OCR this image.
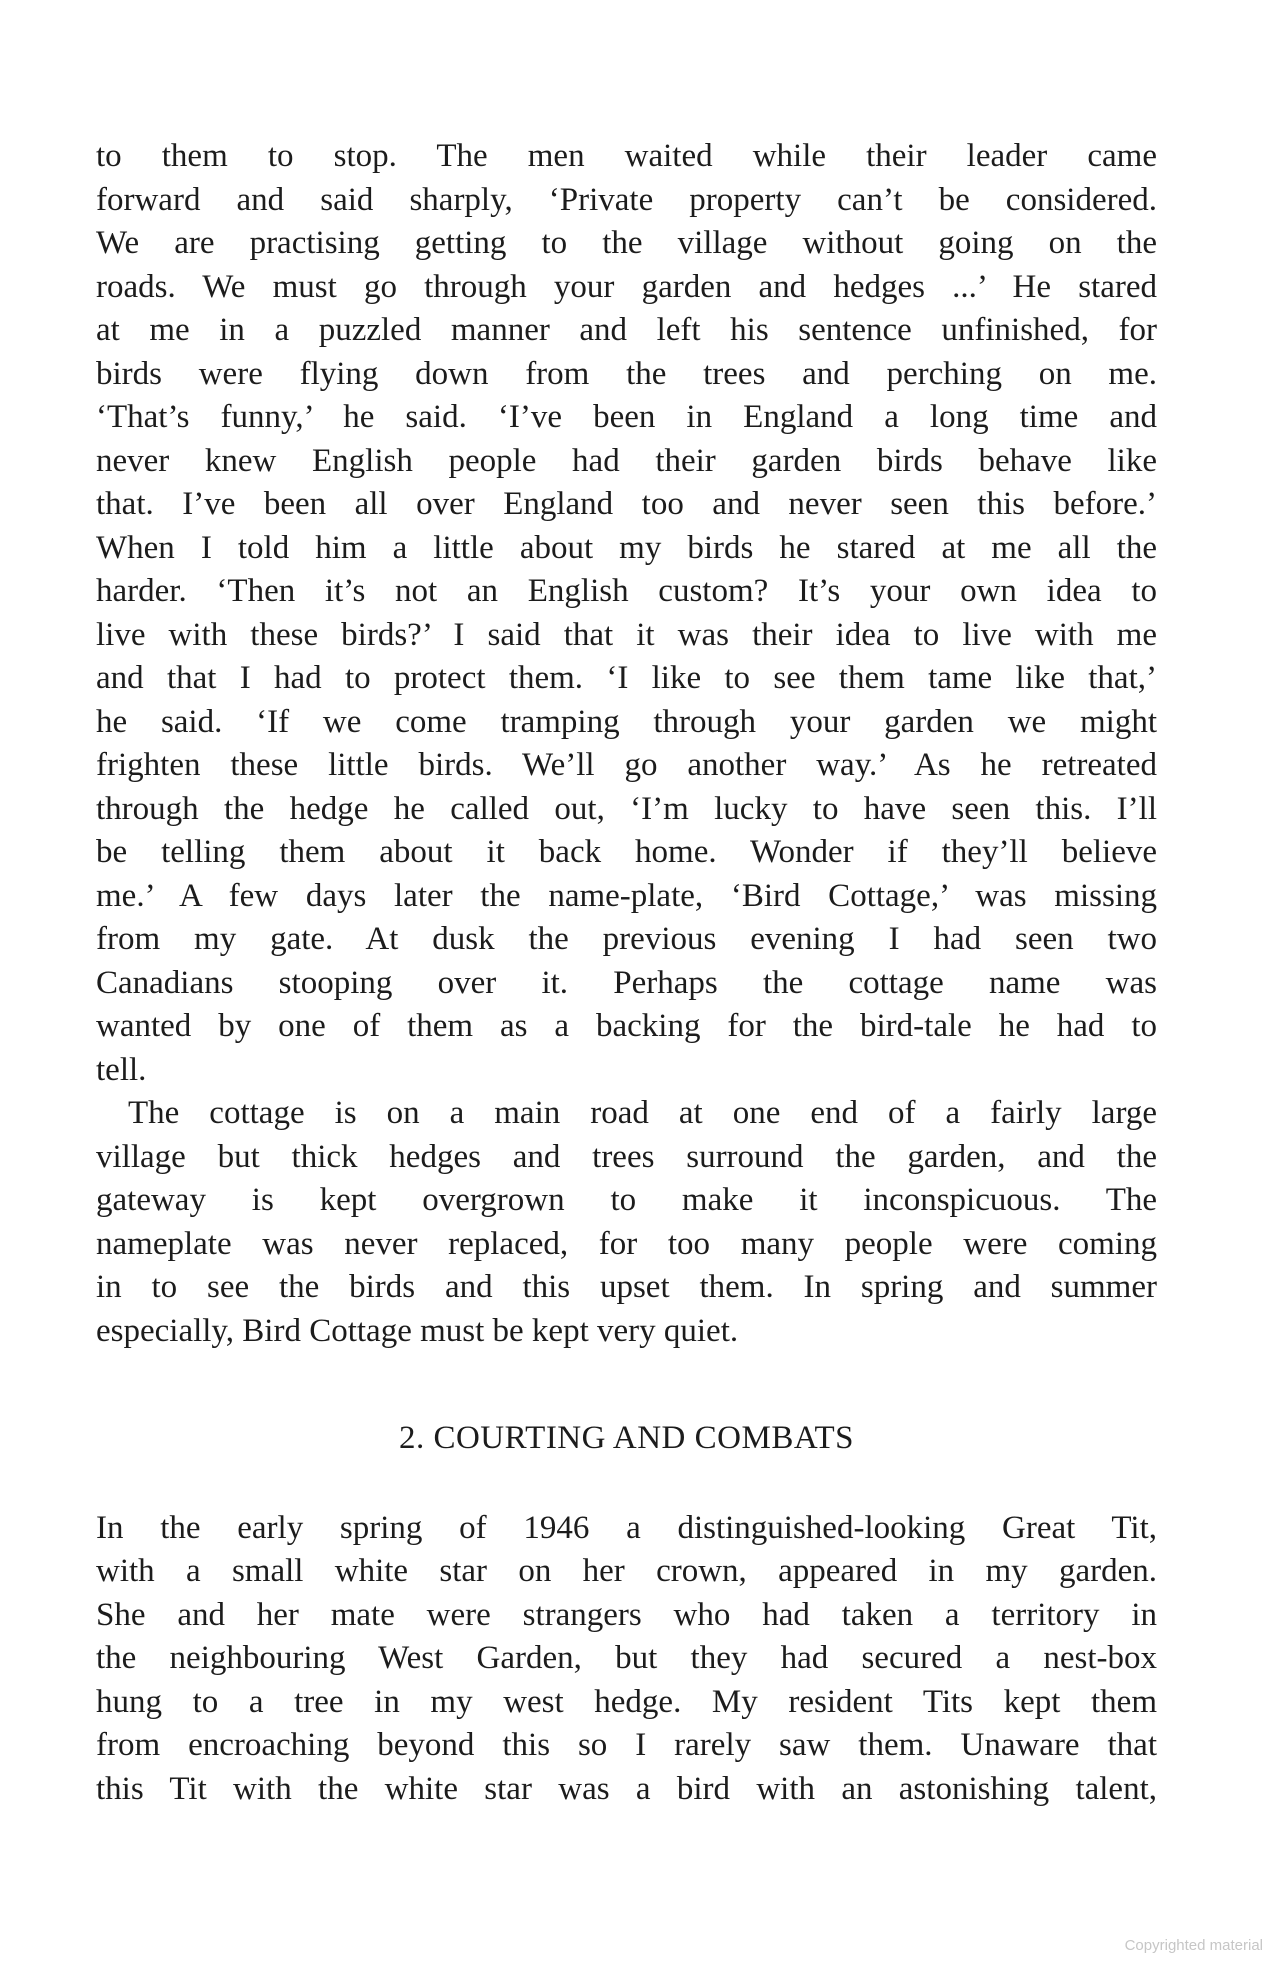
to them to stop. The men waited while their leader came
forward and said sharply, ‘Private property can’t be considered.
We are practising getting to the village without going on the
roads. We must go through your garden and hedges ...’ He stared
at me in a puzzled manner and left his sentence unfinished, for
birds were flying down from the trees and perching on me.
‘That’s funny,’ he said. ‘I’ve been in England a long time and
never knew English people had their garden birds behave like
that. I’ve been all over England too and never seen this before.’
When I told him a little about my birds he stared at me all the
harder. ‘Then it’s not an English custom? It’s your own idea to
live with these birds?’ I said that it was their idea to live with me
and that I had to protect them. ‘I like to see them tame like that,’
he said. ‘If we come tramping through your garden we might
frighten these little birds. We’ll go another way.’ As he retreated
through the hedge he called out, ‘I’m lucky to have seen this. I’ll
be telling them about it back home. Wonder if they’ll believe
me.’ A few days later the name-plate, ‘Bird Cottage,’ was missing
from my gate. At dusk the previous evening I had seen two
Canadians stooping over it. Perhaps the cottage name was
wanted by one of them as a backing for the bird-tale he had to
tell.
The cottage is on a main road at one end of a fairly large
village but thick hedges and trees surround the garden, and the
gateway is kept overgrown to make it inconspicuous. The
nameplate was never replaced, for too many people were coming
in to see the birds and this upset them. In spring and summer
especially, Bird Cottage must be kept very quiet.
2. COURTING AND COMBATS
In the early spring of 1946 a distinguished-looking Great Tit,
with a small white star on her crown, appeared in my garden.
She and her mate were strangers who had taken a territory in
the neighbouring West Garden, but they had secured a nest-box
hung to a tree in my west hedge. My resident Tits kept them
from encroaching beyond this so I rarely saw them. Unaware that
this Tit with the white star was a bird with an astonishing talent,
Copyrighted material
